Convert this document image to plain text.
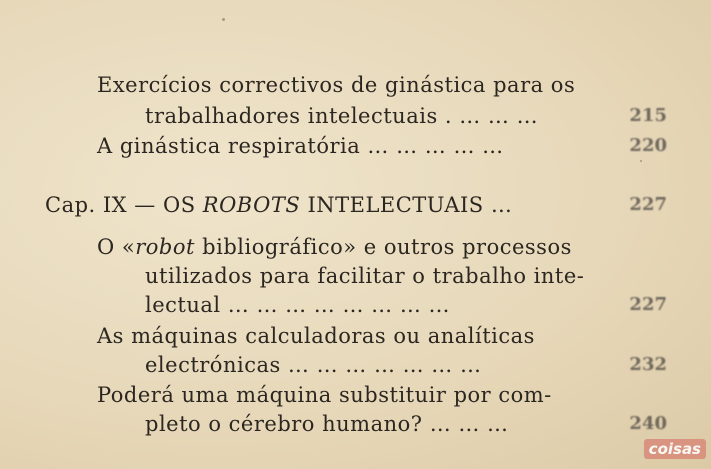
Exercícios correctivos de ginástica para os
trabalhadores intelectuais . … … …	215
A ginástica respiratória … … … … …	220
Cap. IX — OS ROBOTS INTELECTUAIS …	227
O «robot bibliográfico» e outros processos
utilizados para facilitar o trabalho inte-
lectual … … … … … … … …	227
As máquinas calculadoras ou analíticas
electrónicas … … … … … … …	232
Poderá uma máquina substituir por com-
pleto o cérebro humano? … … …	240
coisas
